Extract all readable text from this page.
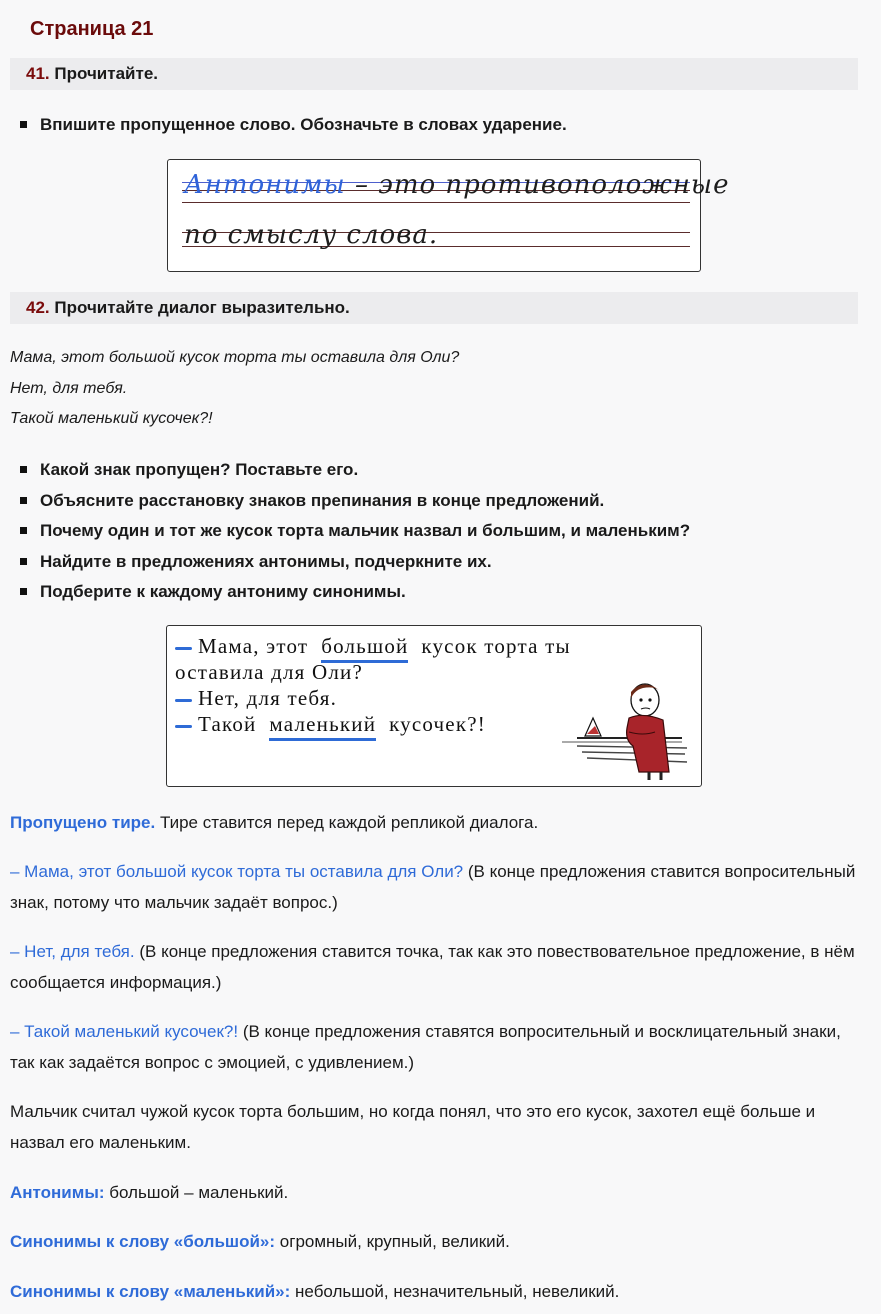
Страница 21
41. Прочитайте.
Впишите пропущенное слово. Обозначьте в словах ударение.
Антонимы – это противоположные
по смыслу слова.
42. Прочитайте диалог выразительно.
Мама, этот большой кусок торта ты оставила для Оли?
Нет, для тебя.
Такой маленький кусочек?!
Какой знак пропущен? Поставьте его.
Объясните расстановку знаков препинания в конце предложений.
Почему один и тот же кусок торта мальчик назвал и большим, и маленьким?
Найдите в предложениях антонимы, подчеркните их.
Подберите к каждому антониму синонимы.
Мама, этот большой кусок торта ты
оставила для Оли?
Нет, для тебя.
Такой маленький кусочек?!
Пропущено тире. Тире ставится перед каждой репликой диалога.
– Мама, этот большой кусок торта ты оставила для Оли? (В конце предложения ставится вопросительный знак, потому что мальчик задаёт вопрос.)
– Нет, для тебя. (В конце предложения ставится точка, так как это повествовательное предложение, в нём сообщается информация.)
– Такой маленький кусочек?! (В конце предложения ставятся вопросительный и восклицательный знаки, так как задаётся вопрос с эмоцией, с удивлением.)
Мальчик считал чужой кусок торта большим, но когда понял, что это его кусок, захотел ещё больше и назвал его маленьким.
Антонимы: большой – маленький.
Синонимы к слову «большой»: огромный, крупный, великий.
Синонимы к слову «маленький»: небольшой, незначительный, невеликий.
